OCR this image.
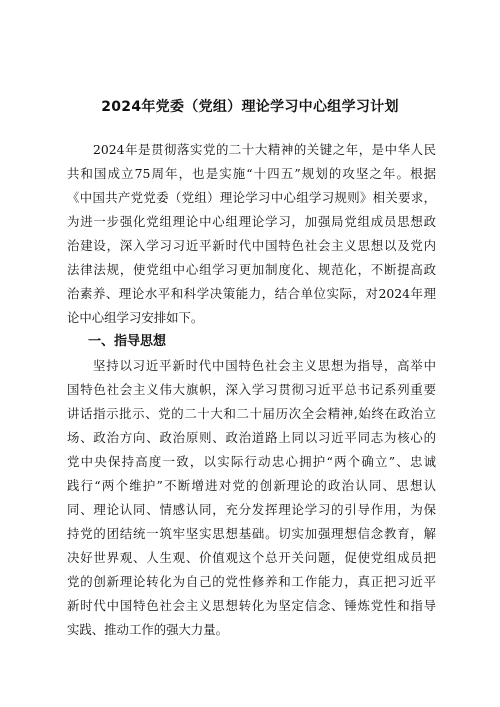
2024年党委（党组）理论学习中心组学习计划
2024年是贯彻落实党的二十大精神的关键之年，是中华人民
共和国成立75周年，也是实施“十四五”规划的攻坚之年。根据
《中国共产党党委（党组）理论学习中心组学习规则》相关要求，
为进一步强化党组理论中心组理论学习，加强局党组成员思想政
治建设，深入学习习近平新时代中国特色社会主义思想以及党内
法律法规，使党组中心组学习更加制度化、规范化，不断提高政
治素养、理论水平和科学决策能力，结合单位实际，对2024年理
论中心组学习安排如下。
一、指导思想
坚持以习近平新时代中国特色社会主义思想为指导，高举中
国特色社会主义伟大旗帜，深入学习贯彻习近平总书记系列重要
讲话指示批示、党的二十大和二十届历次全会精神,始终在政治立
场、政治方向、政治原则、政治道路上同以习近平同志为核心的
党中央保持高度一致，以实际行动忠心拥护“两个确立”、忠诚
践行“两个维护”不断增进对党的创新理论的政治认同、思想认
同、理论认同、情感认同，充分发挥理论学习的引导作用，为保
持党的团结统一筑牢坚实思想基础。切实加强理想信念教育，解
决好世界观、人生观、价值观这个总开关问题，促使党组成员把
党的创新理论转化为自己的党性修养和工作能力，真正把习近平
新时代中国特色社会主义思想转化为坚定信念、锤炼党性和指导
实践、推动工作的强大力量。
